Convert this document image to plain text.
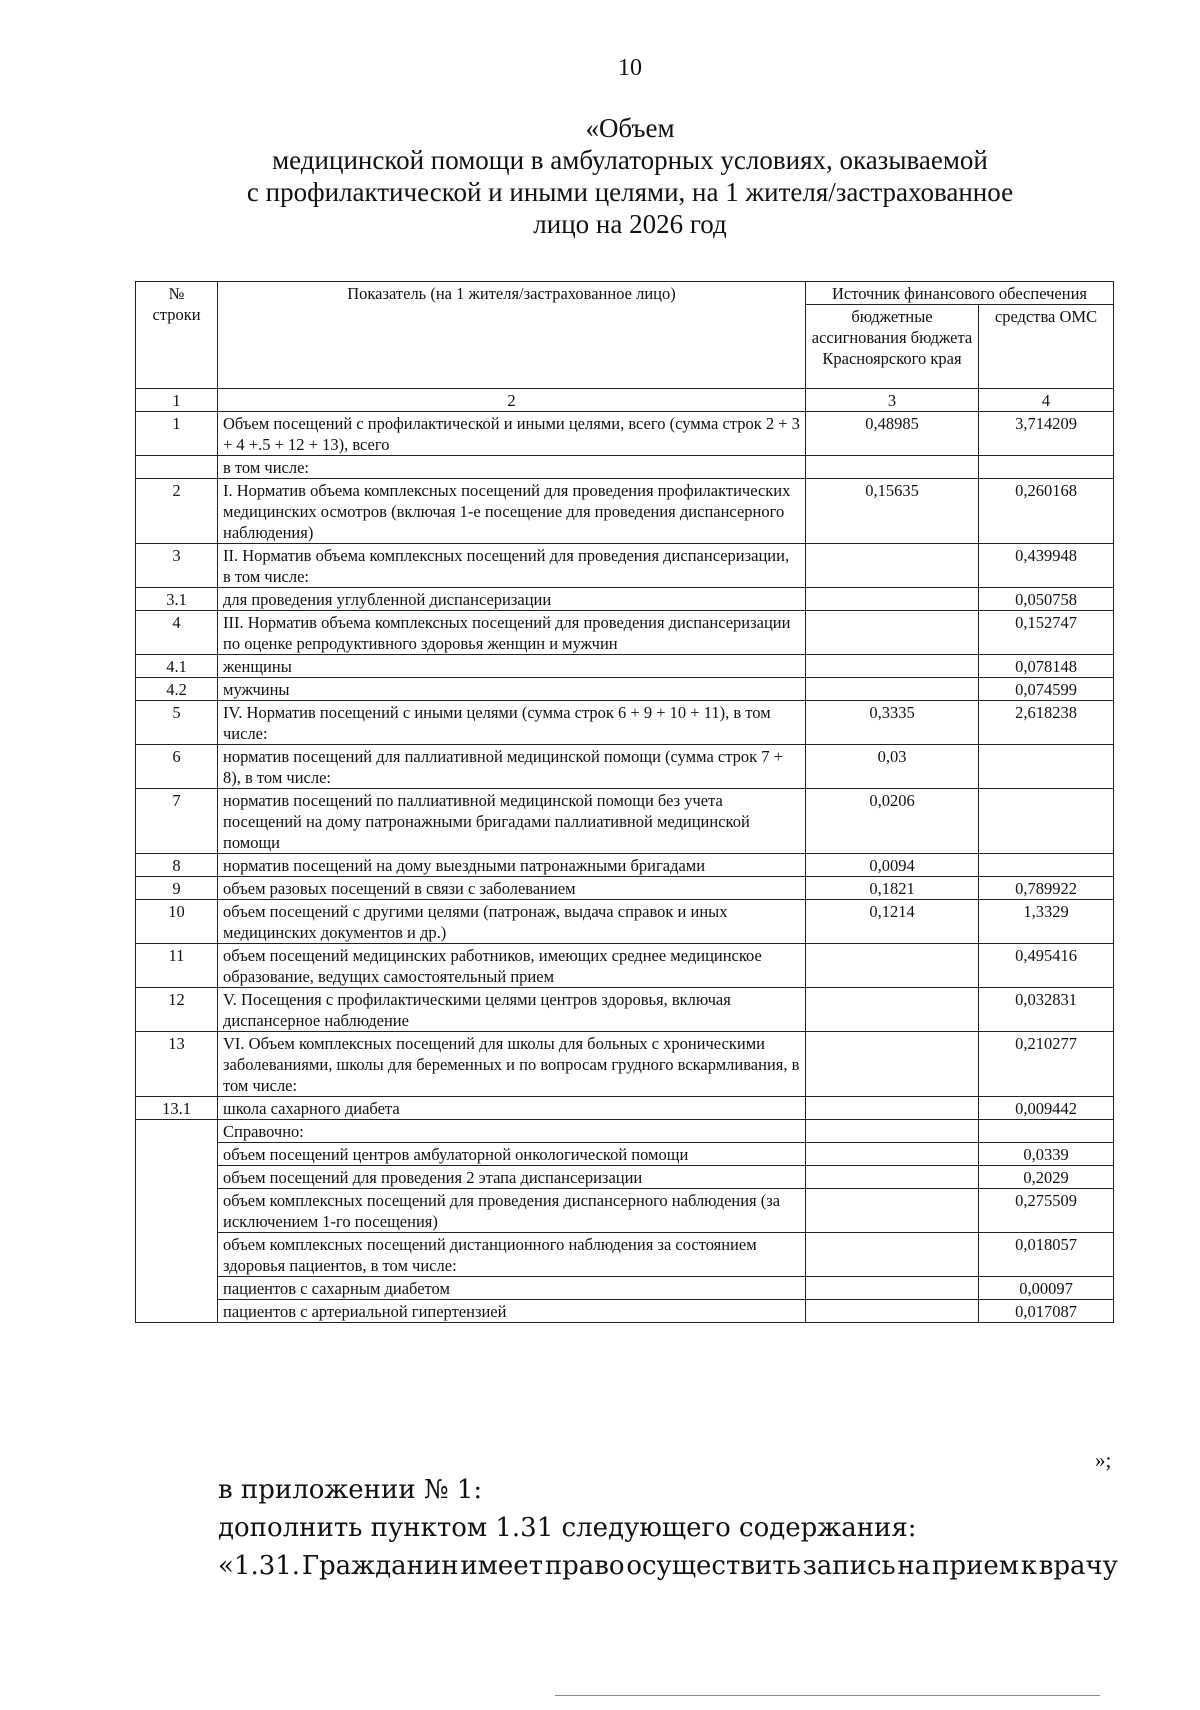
10
«Объем
медицинской помощи в амбулаторных условиях, оказываемой
с профилактической и иными целями, на 1 жителя/застрахованное
лицо на 2026 год
№
строки	Показатель (на 1 жителя/застрахованное лицо)	Источник финансового обеспечения	
		бюджетные ассигнования бюджета Красноярского края	средства ОМС
1	2	3	4
1	Объем посещений с профилактической и иными целями, всего (сумма строк 2 + 3 + 4 +.5 + 12 + 13), всего	0,48985	3,714209
	в том числе:		
2	I. Норматив объема комплексных посещений для проведения профилактических медицинских осмотров (включая 1-е посещение для проведения диспансерного наблюдения)	0,15635	0,260168
3	II. Норматив объема комплексных посещений для проведения диспансеризации, в том числе:		0,439948
3.1	для проведения углубленной диспансеризации		0,050758
4	III. Норматив объема комплексных посещений для проведения диспансеризации по оценке репродуктивного здоровья женщин и мужчин		0,152747
4.1	женщины		0,078148
4.2	мужчины		0,074599
5	IV. Норматив посещений с иными целями (сумма строк 6 + 9 + 10 + 11), в том числе:	0,3335	2,618238
6	норматив посещений для паллиативной медицинской помощи (сумма строк 7 + 8), в том числе:	0,03	
7	норматив посещений по паллиативной медицинской помощи без учета посещений на дому патронажными бригадами паллиативной медицинской помощи	0,0206	
8	норматив посещений на дому выездными патронажными бригадами	0,0094	
9	объем разовых посещений в связи с заболеванием	0,1821	0,789922
10	объем посещений с другими целями (патронаж, выдача справок и иных медицинских документов и др.)	0,1214	1,3329
11	объем посещений медицинских работников, имеющих среднее медицинское образование, ведущих самостоятельный прием		0,495416
12	V. Посещения с профилактическими целями центров здоровья, включая диспансерное наблюдение		0,032831
13	VI. Объем комплексных посещений для школы для больных с хроническими заболеваниями, школы для беременных и по вопросам грудного вскармливания, в том числе:		0,210277
13.1	школа сахарного диабета		0,009442
	Справочно:		
	объем посещений центров амбулаторной онкологической помощи		0,0339
	объем посещений для проведения 2 этапа диспансеризации		0,2029
	объем комплексных посещений для проведения диспансерного наблюдения (за исключением 1-го посещения)		0,275509
	объем комплексных посещений дистанционного наблюдения за состоянием здоровья пациентов, в том числе:		0,018057
	пациентов с сахарным диабетом		0,00097
	пациентов с артериальной гипертензией		0,017087
»;
в приложении № 1:
дополнить пунктом 1.31 следующего содержания:
«1.31. Гражданин имеет право осуществить запись на прием к врачу
